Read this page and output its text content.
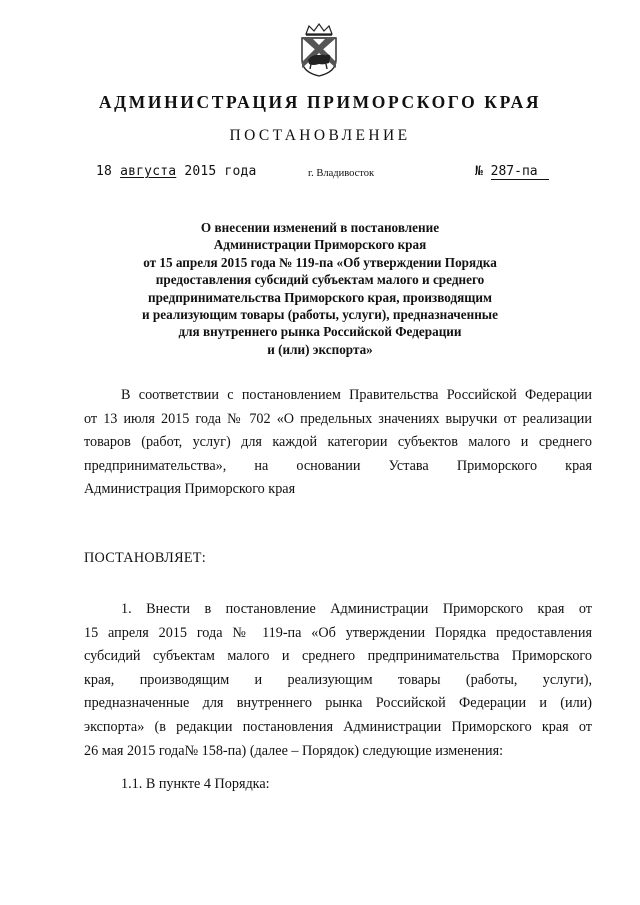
АДМИНИСТРАЦИЯ ПРИМОРСКОГО КРАЯ
ПОСТАНОВЛЕНИЕ
18 августа 2015 года	г. Владивосток	№ 287-па
О внесении изменений в постановление
Администрации Приморского края
от 15 апреля 2015 года № 119-па «Об утверждении Порядка
предоставления субсидий субъектам малого и среднего
предпринимательства Приморского края, производящим
и реализующим товары (работы, услуги), предназначенные
для внутреннего рынка Российской Федерации
и (или) экспорта»
В соответствии с постановлением Правительства Российской Федерации
от 13 июля 2015 года № 702 «О предельных значениях выручки от реализации
товаров (работ, услуг) для каждой категории субъектов малого и среднего
предпринимательства», на основании Устава Приморского края
Администрация Приморского края
ПОСТАНОВЛЯЕТ:
1. Внести в постановление Администрации Приморского края от
15 апреля 2015 года № 119-па «Об утверждении Порядка предоставления
субсидий субъектам малого и среднего предпринимательства Приморского
края, производящим и реализующим товары (работы, услуги),
предназначенные для внутреннего рынка Российской Федерации и (или)
экспорта» (в редакции постановления Администрации Приморского края от
26 мая 2015 года№ 158-па) (далее – Порядок) следующие изменения:
1.1. В пункте 4 Порядка:
